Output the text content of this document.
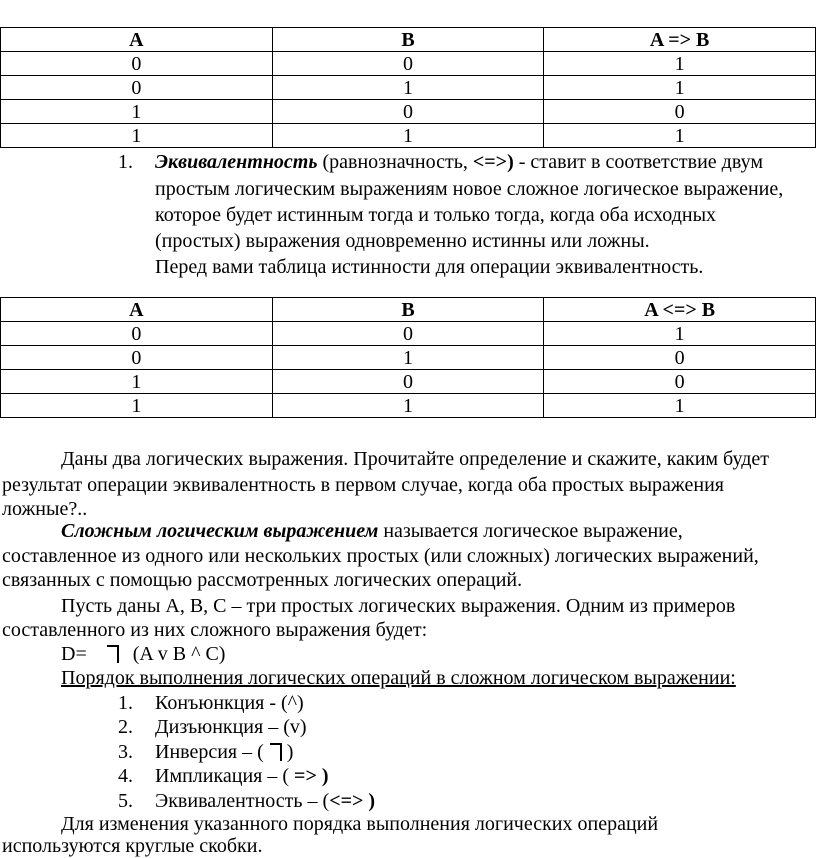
A	B	A => B
0	0	1
0	1	1
1	0	0
1	1	1
1. Эквивалентность (равнозначность, <=>) - ставит в соответствие двум
простым логическим выражениям новое сложное логическое выражение,
которое будет истинным тогда и только тогда, когда оба исходных
(простых) выражения одновременно истинны или ложны.
Перед вами таблица истинности для операции эквивалентность.
A	B	A <=> B
0	0	1
0	1	0
1	0	0
1	1	1
Даны два логических выражения. Прочитайте определение и скажите, каким будет
результат операции эквивалентность в первом случае, когда оба простых выражения
ложные?..
Сложным логическим выражением называется логическое выражение,
составленное из одного или нескольких простых (или сложных) логических выражений,
связанных с помощью рассмотренных логических операций.
Пусть даны A, B, C – три простых логических выражения. Одним из примеров
составленного из них сложного выражения будет:
D= (A v B ^ C)
Порядок выполнения логических операций в сложном логическом выражении:
1. Конъюнкция - (^)
2. Дизъюнкция – (v)
3. Инверсия – ( )
4. Импликация – ( => )
5. Эквивалентность – (<=> )
Для изменения указанного порядка выполнения логических операций
используются круглые скобки.
